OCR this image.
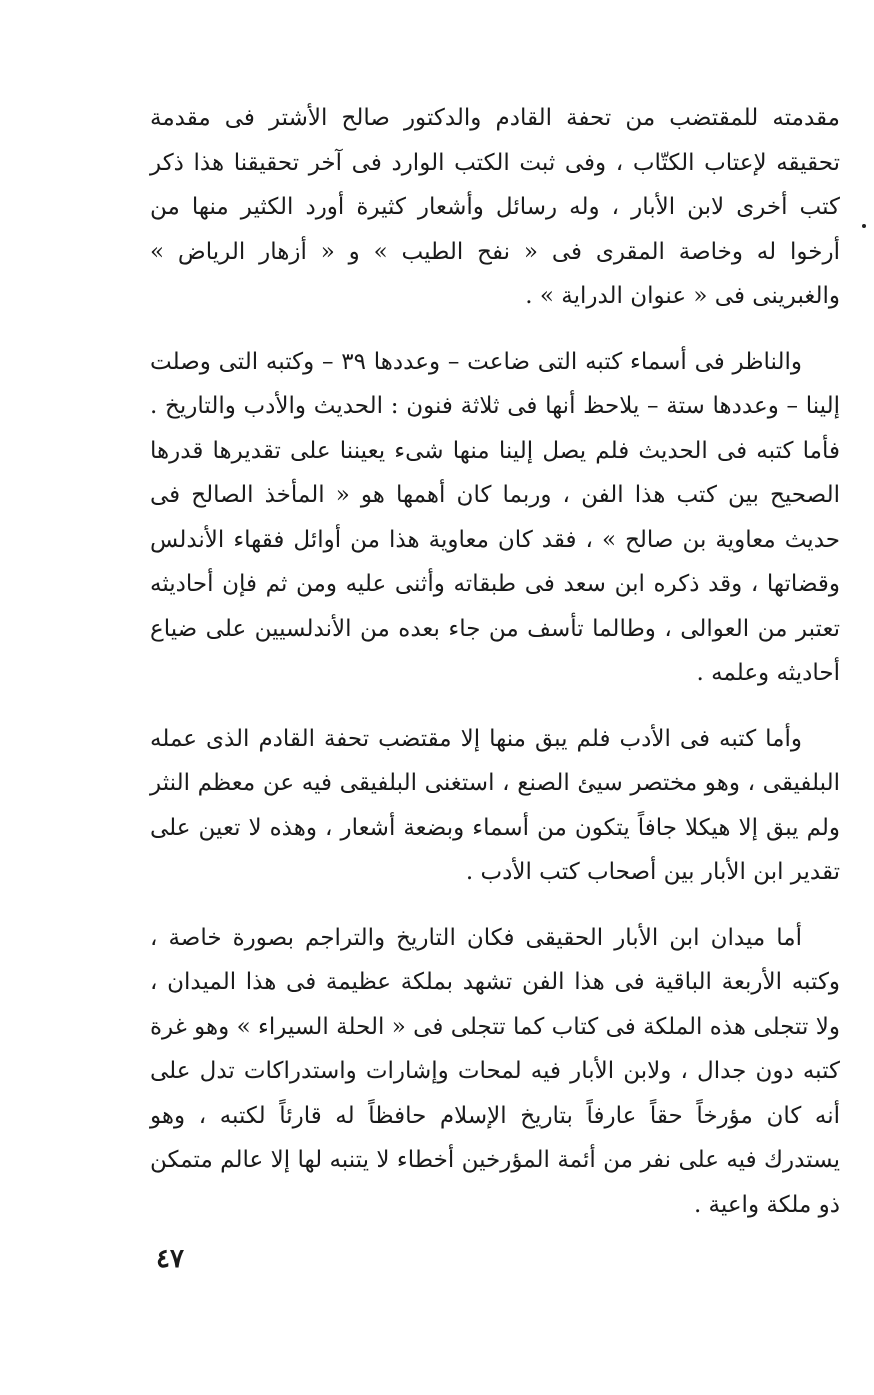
مقدمته للمقتضب من تحفة القادم والدكتور صالح الأشتر فى مقدمة تحقيقه لإعتاب الكتّاب ، وفى ثبت الكتب الوارد فى آخر تحقيقنا هذا ذكر كتب أخرى لابن الأبار ، وله رسائل وأشعار كثيرة أورد الكثير منها من أرخوا له وخاصة المقرى فى « نفح الطيب » و « أزهار الرياض » والغبرينى فى « عنوان الدراية » .

والناظر فى أسماء كتبه التى ضاعت – وعددها ٣٩ – وكتبه التى وصلت إلينا – وعددها ستة – يلاحظ أنها فى ثلاثة فنون : الحديث والأدب والتاريخ . فأما كتبه فى الحديث فلم يصل إلينا منها شىء يعيننا على تقديرها قدرها الصحيح بين كتب هذا الفن ، وربما كان أهمها هو « المأخذ الصالح فى حديث معاوية بن صالح » ، فقد كان معاوية هذا من أوائل فقهاء الأندلس وقضاتها ، وقد ذكره ابن سعد فى طبقاته وأثنى عليه ومن ثم فإن أحاديثه تعتبر من العوالى ، وطالما تأسف من جاء بعده من الأندلسيين على ضياع أحاديثه وعلمه .

وأما كتبه فى الأدب فلم يبق منها إلا مقتضب تحفة القادم الذى عمله البلفيقى ، وهو مختصر سيئ الصنع ، استغنى البلفيقى فيه عن معظم النثر ولم يبق إلا هيكلا جافاً يتكون من أسماء وبضعة أشعار ، وهذه لا تعين على تقدير ابن الأبار بين أصحاب كتب الأدب .

أما ميدان ابن الأبار الحقيقى فكان التاريخ والتراجم بصورة خاصة ، وكتبه الأربعة الباقية فى هذا الفن تشهد بملكة عظيمة فى هذا الميدان ، ولا تتجلى هذه الملكة فى كتاب كما تتجلى فى « الحلة السيراء » وهو غرة كتبه دون جدال ، ولابن الأبار فيه لمحات وإشارات واستدراكات تدل على أنه كان مؤرخاً حقاً عارفاً بتاريخ الإسلام حافظاً له قارئاً لكتبه ، وهو يستدرك فيه على نفر من أئمة المؤرخين أخطاء لا يتنبه لها إلا عالم متمكن ذو ملكة واعية .

٤٧
